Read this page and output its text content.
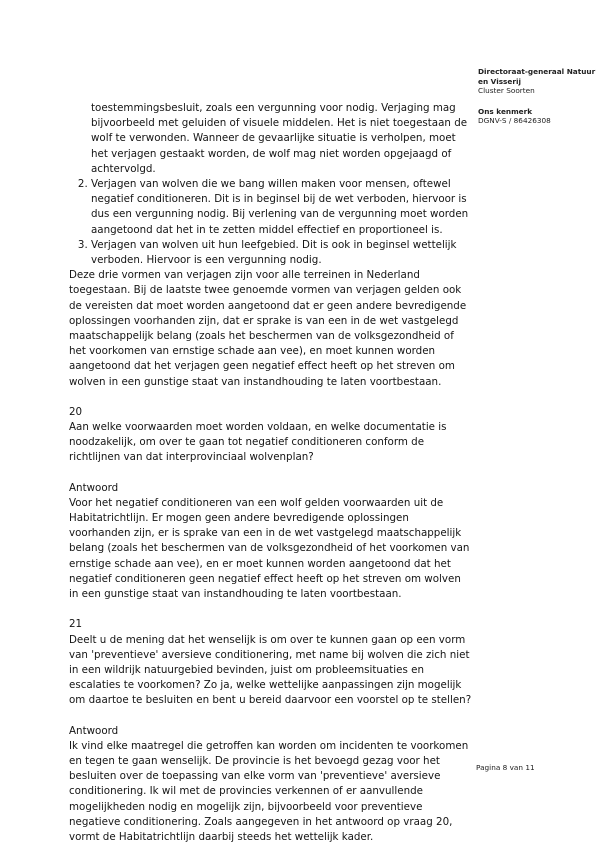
Directoraat-generaal Natuur
en Visserij
Cluster Soorten
Ons kenmerk
DGNV-S / 86426308

toestemmingsbesluit, zoals een vergunning voor nodig. Verjaging mag bijvoorbeeld met geluiden of visuele middelen. Het is niet toegestaan de wolf te verwonden. Wanneer de gevaarlijke situatie is verholpen, moet het verjagen gestaakt worden, de wolf mag niet worden opgejaagd of achtervolgd.

2. Verjagen van wolven die we bang willen maken voor mensen, oftewel negatief conditioneren. Dit is in beginsel bij de wet verboden, hiervoor is dus een vergunning nodig. Bij verlening van de vergunning moet worden aangetoond dat het in te zetten middel effectief en proportioneel is.
3. Verjagen van wolven uit hun leefgebied. Dit is ook in beginsel wettelijk verboden. Hiervoor is een vergunning nodig.

Deze drie vormen van verjagen zijn voor alle terreinen in Nederland toegestaan. Bij de laatste twee genoemde vormen van verjagen gelden ook de vereisten dat moet worden aangetoond dat er geen andere bevredigende oplossingen voorhanden zijn, dat er sprake is van een in de wet vastgelegd maatschappelijk belang (zoals het beschermen van de volksgezondheid of het voorkomen van ernstige schade aan vee), en moet kunnen worden aangetoond dat het verjagen geen negatief effect heeft op het streven om wolven in een gunstige staat van instandhouding te laten voortbestaan.

20

Aan welke voorwaarden moet worden voldaan, en welke documentatie is noodzakelijk, om over te gaan tot negatief conditioneren conform de richtlijnen van dat interprovinciaal wolvenplan?

Antwoord

Voor het negatief conditioneren van een wolf gelden voorwaarden uit de Habitatrichtlijn. Er mogen geen andere bevredigende oplossingen voorhanden zijn, er is sprake van een in de wet vastgelegd maatschappelijk belang (zoals het beschermen van de volksgezondheid of het voorkomen van ernstige schade aan vee), en er moet kunnen worden aangetoond dat het negatief conditioneren geen negatief effect heeft op het streven om wolven in een gunstige staat van instandhouding te laten voortbestaan.

21

Deelt u de mening dat het wenselijk is om over te kunnen gaan op een vorm van 'preventieve' aversieve conditionering, met name bij wolven die zich niet in een wildrijk natuurgebied bevinden, juist om probleemsituaties en escalaties te voorkomen? Zo ja, welke wettelijke aanpassingen zijn mogelijk om daartoe te besluiten en bent u bereid daarvoor een voorstel op te stellen?

Antwoord

Ik vind elke maatregel die getroffen kan worden om incidenten te voorkomen en tegen te gaan wenselijk. De provincie is het bevoegd gezag voor het besluiten over de toepassing van elke vorm van 'preventieve' aversieve conditionering. Ik wil met de provincies verkennen of er aanvullende mogelijkheden nodig en mogelijk zijn, bijvoorbeeld voor preventieve negatieve conditionering. Zoals aangegeven in het antwoord op vraag 20, vormt de Habitatrichtlijn daarbij steeds het wettelijk kader.

Pagina 8 van 11
